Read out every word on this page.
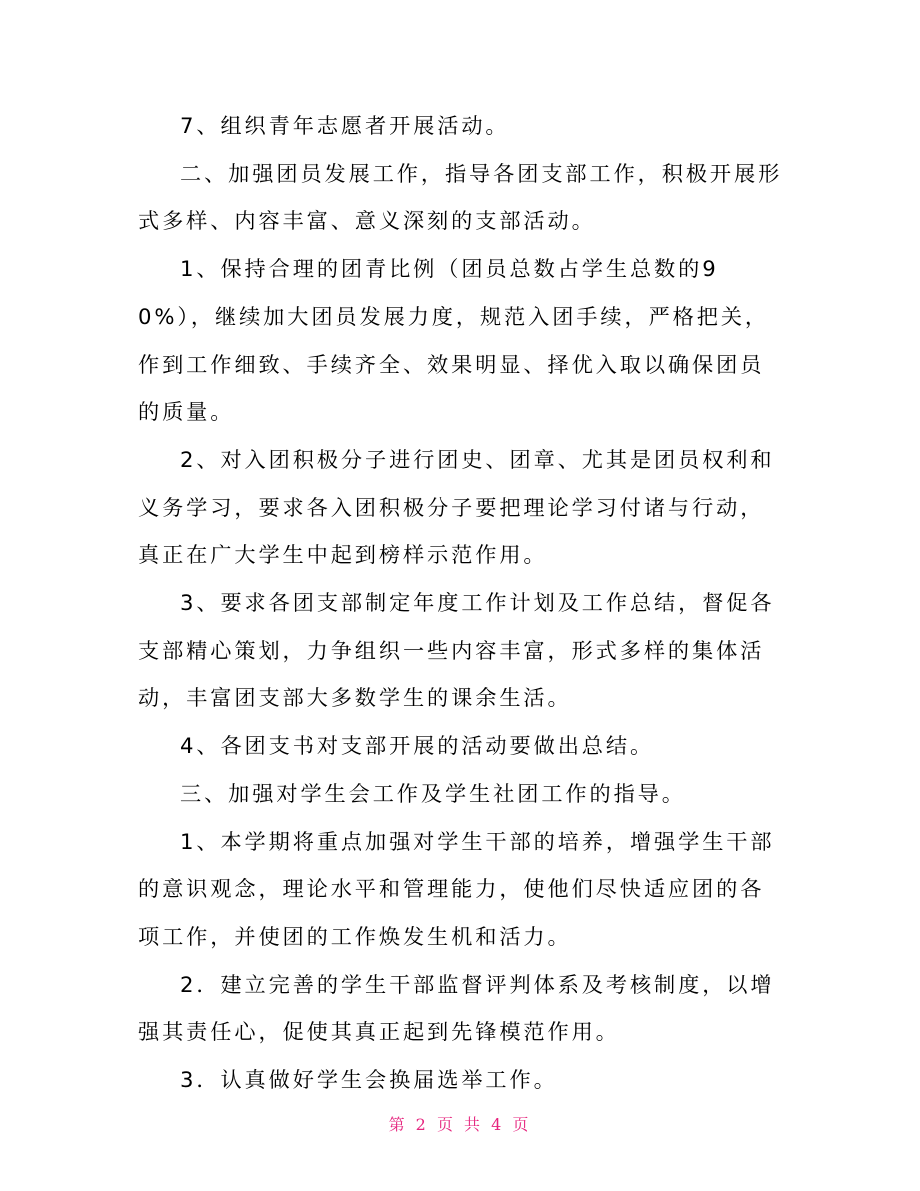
7、组织青年志愿者开展活动。

二、加强团员发展工作，指导各团支部工作，积极开展形式多样、内容丰富、意义深刻的支部活动。

1、保持合理的团青比例（团员总数占学生总数的90%），继续加大团员发展力度，规范入团手续，严格把关，作到工作细致、手续齐全、效果明显、择优入取以确保团员的质量。

2、对入团积极分子进行团史、团章、尤其是团员权利和义务学习，要求各入团积极分子要把理论学习付诸与行动，真正在广大学生中起到榜样示范作用。

3、要求各团支部制定年度工作计划及工作总结，督促各支部精心策划，力争组织一些内容丰富，形式多样的集体活动，丰富团支部大多数学生的课余生活。

4、各团支书对支部开展的活动要做出总结。

三、加强对学生会工作及学生社团工作的指导。

1、本学期将重点加强对学生干部的培养，增强学生干部的意识观念，理论水平和管理能力，使他们尽快适应团的各项工作，并使团的工作焕发生机和活力。

2．建立完善的学生干部监督评判体系及考核制度，以增强其责任心，促使其真正起到先锋模范作用。

3．认真做好学生会换届选举工作。

第 2 页 共 4 页
